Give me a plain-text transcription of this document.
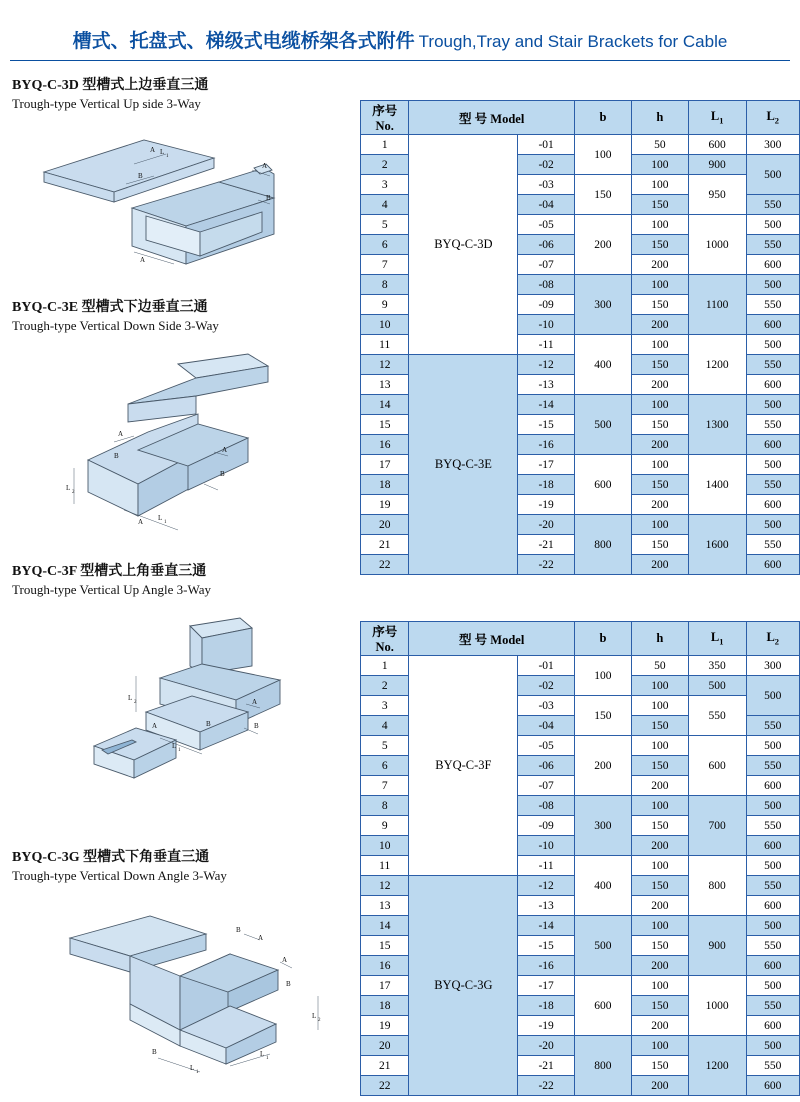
槽式、托盘式、梯级式电缆桥架各式附件 Trough,Tray and Stair Brackets for Cable
BYQ-C-3D 型槽式上边垂直三通
Trough-type Vertical Up side 3-Way
A
B
A
B
A
L
1
BYQ-C-3E 型槽式下边垂直三通
Trough-type Vertical Down Side 3-Way
A
B
L
2
A L
1
A
B
BYQ-C-3F 型槽式上角垂直三通
Trough-type Vertical Up Angle 3-Way
L
2
A
L
1
A
B
B
BYQ-C-3G 型槽式下角垂直三通
Trough-type Vertical Down Angle 3-Way
B
A
A
B
L
2
B
L
1
L
1
序号
No.	型 号 Model		b	h	$L_1$	$L_2$
1	BYQ-C-3D	-01	100	50	600	300
2		-02		100	900	500
3		-03	150	100	950	
4		-04		150		550
5		-05	200	100	1000	500
6		-06		150		550
7		-07		200		600
8		-08	300	100	1100	500
9		-09		150		550
10		-10		200		600
11		-11	400	100	1200	500
12	BYQ-C-3E	-12		150		550
13		-13		200		600
14		-14	500	100	1300	500
15		-15		150		550
16		-16		200		600
17		-17	600	100	1400	500
18		-18		150		550
19		-19		200		600
20		-20	800	100	1600	500
21		-21		150		550
22		-22		200		600
序号
No.	型 号 Model		b	h	$L_1$	$L_2$
1	BYQ-C-3F	-01	100	50	350	300
2		-02		100	500	500
3		-03	150	100	550	
4		-04		150		550
5		-05	200	100	600	500
6		-06		150		550
7		-07		200		600
8		-08	300	100	700	500
9		-09		150		550
10		-10		200		600
11		-11	400	100	800	500
12	BYQ-C-3G	-12		150		550
13		-13		200		600
14		-14	500	100	900	500
15		-15		150		550
16		-16		200		600
17		-17	600	100	1000	500
18		-18		150		550
19		-19		200		600
20		-20	800	100	1200	500
21		-21		150		550
22		-22		200		600
